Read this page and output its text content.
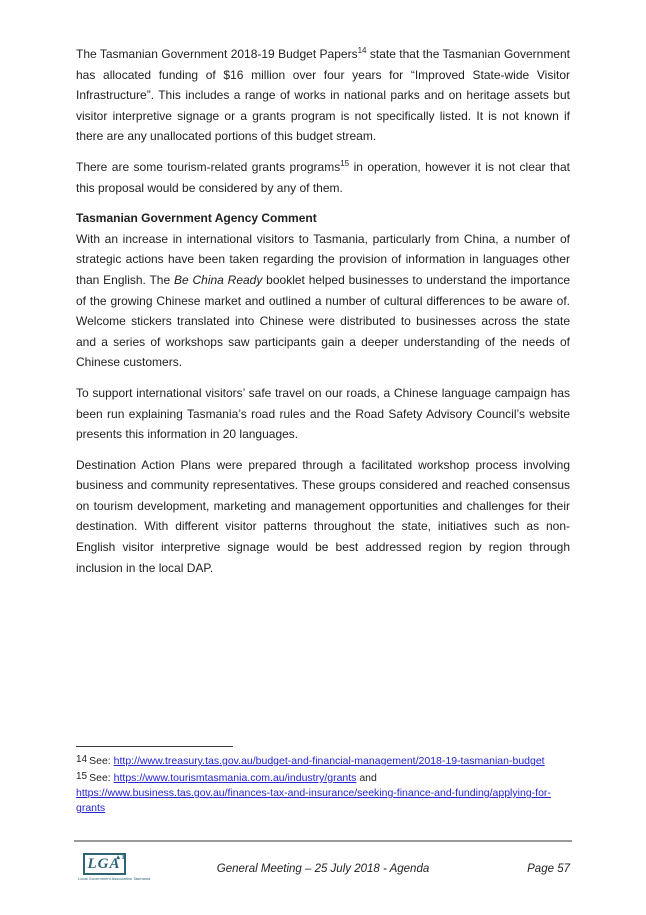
The Tasmanian Government 2018-19 Budget Papers$^{14}$ state that the Tasmanian Government has allocated funding of $16 million over four years for “Improved State-wide Visitor Infrastructure”. This includes a range of works in national parks and on heritage assets but visitor interpretive signage or a grants program is not specifically listed. It is not known if there are any unallocated portions of this budget stream.

There are some tourism-related grants programs$^{15}$ in operation, however it is not clear that this proposal would be considered by any of them.

Tasmanian Government Agency Comment

With an increase in international visitors to Tasmania, particularly from China, a number of strategic actions have been taken regarding the provision of information in languages other than English. The Be China Ready booklet helped businesses to understand the importance of the growing Chinese market and outlined a number of cultural differences to be aware of. Welcome stickers translated into Chinese were distributed to businesses across the state and a series of workshops saw participants gain a deeper understanding of the needs of Chinese customers.

To support international visitors’ safe travel on our roads, a Chinese language campaign has been run explaining Tasmania’s road rules and the Road Safety Advisory Council’s website presents this information in 20 languages.

Destination Action Plans were prepared through a facilitated workshop process involving business and community representatives. These groups considered and reached consensus on tourism development, marketing and management opportunities and challenges for their destination. With different visitor patterns throughout the state, initiatives such as non-English visitor interpretive signage would be best addressed region by region through inclusion in the local DAP.

14 See: http://www.treasury.tas.gov.au/budget-and-financial-management/2018-19-tasmanian-budget

15 See: https://www.tourismtasmania.com.au/industry/grants and https://www.business.tas.gov.au/finances-tax-and-insurance/seeking-finance-and-funding/applying-for-grants

LGA
▴T
Local Government Association Tasmania
General Meeting – 25 July 2018 - Agenda	Page 57
